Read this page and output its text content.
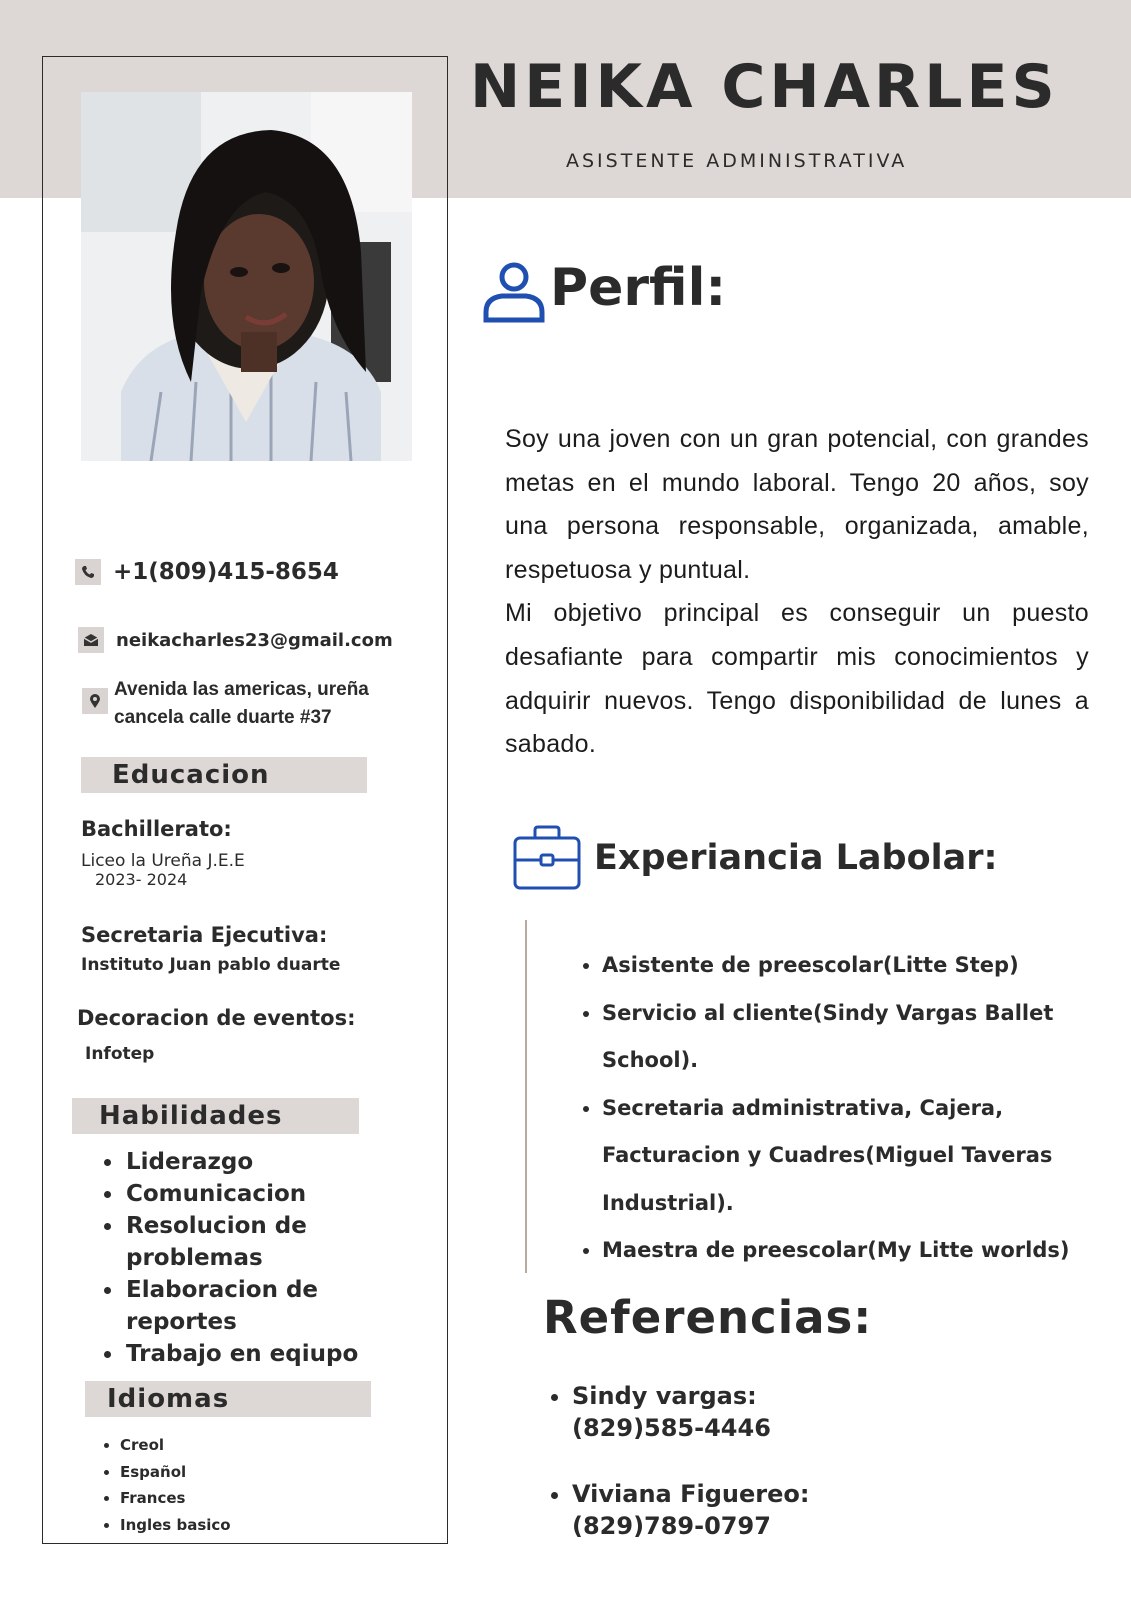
NEIKA CHARLES
ASISTENTE ADMINISTRATIVA
+1(809)415-8654
neikacharles23@gmail.com
Avenida las americas, ureña cancela calle duarte #37
Educacion
Bachillerato:
Liceo la Ureña J.E.E
2023- 2024
Secretaria Ejecutiva:
Instituto Juan pablo duarte
Decoracion de eventos:
Infotep
Habilidades
• Liderazgo
• Comunicacion
• Resolucion de problemas
• Elaboracion de reportes
• Trabajo en eqiupo
Idiomas
• Creol
• Español
• Frances
• Ingles basico
Perfil:

Soy una joven con un gran potencial, con grandes metas en el mundo laboral. Tengo 20 años, soy una persona responsable, organizada, amable, respetuosa y puntual.

Mi objetivo principal es conseguir un puesto desafiante para compartir mis conocimientos y adquirir nuevos. Tengo disponibilidad de lunes a sabado.

Experiancia Labolar:
• Asistente de preescolar(Litte Step)
• Servicio al cliente(Sindy Vargas Ballet School).
• Secretaria administrativa, Cajera, Facturacion y Cuadres(Miguel Taveras Industrial).
• Maestra de preescolar(My Litte worlds)
Referencias:
• Sindy vargas:
(829)585-4446
• Viviana Figuereo:
(829)789-0797
